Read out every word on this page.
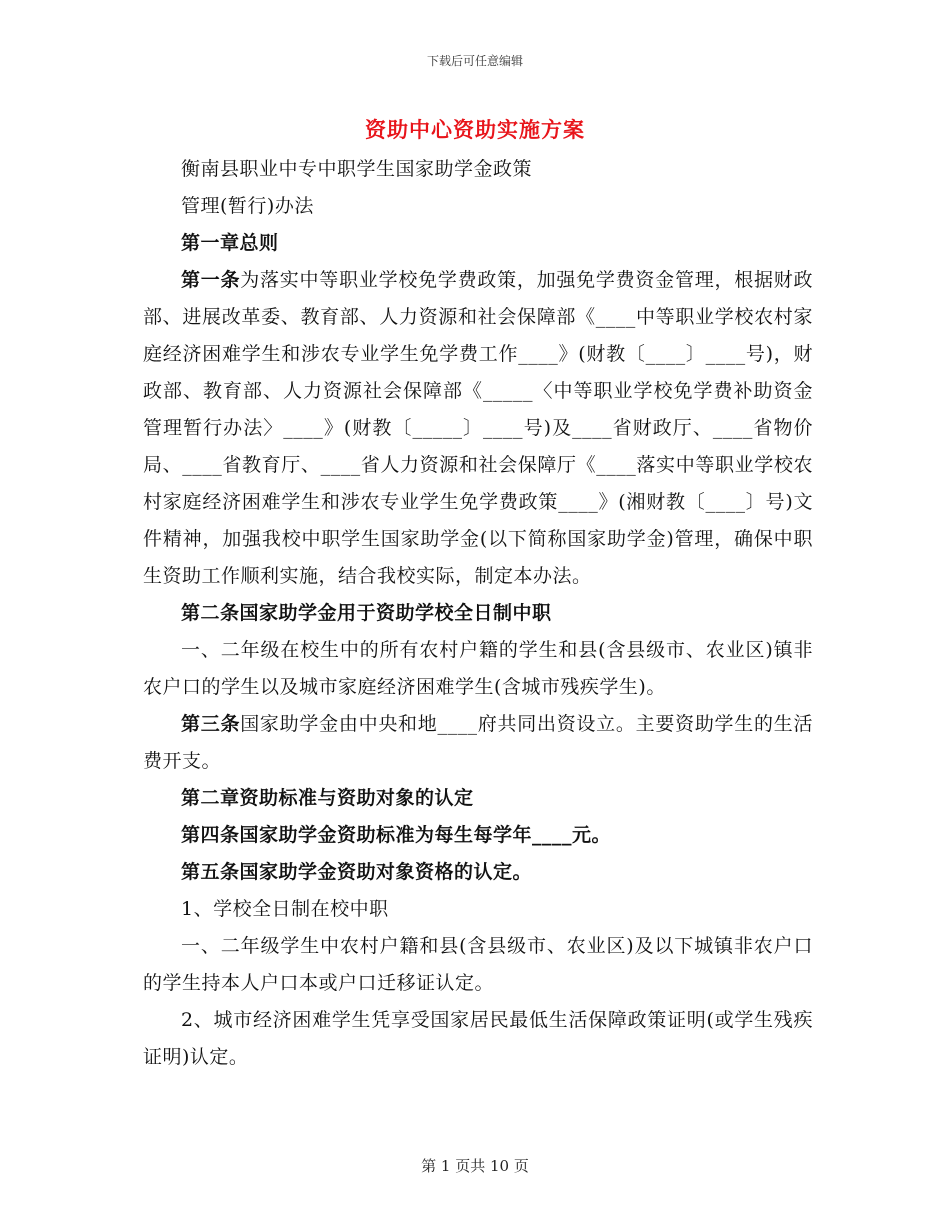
下载后可任意编辑
资助中心资助实施方案

衡南县职业中专中职学生国家助学金政策

管理(暂行)办法

第一章总则

第一条为落实中等职业学校免学费政策，加强免学费资金管理，根据财政部、进展改革委、教育部、人力资源和社会保障部《____中等职业学校农村家庭经济困难学生和涉农专业学生免学费工作____》(财教〔____〕____号)，财政部、教育部、人力资源社会保障部《_____〈中等职业学校免学费补助资金管理暂行办法〉____》(财教〔_____〕____号)及____省财政厅、____省物价局、____省教育厅、____省人力资源和社会保障厅《____落实中等职业学校农村家庭经济困难学生和涉农专业学生免学费政策____》(湘财教〔____〕号)文件精神，加强我校中职学生国家助学金(以下简称国家助学金)管理，确保中职生资助工作顺利实施，结合我校实际，制定本办法。

第二条国家助学金用于资助学校全日制中职

一、二年级在校生中的所有农村户籍的学生和县(含县级市、农业区)镇非农户口的学生以及城市家庭经济困难学生(含城市残疾学生)。

第三条国家助学金由中央和地____府共同出资设立。主要资助学生的生活费开支。

第二章资助标准与资助对象的认定

第四条国家助学金资助标准为每生每学年____元。

第五条国家助学金资助对象资格的认定。

1、学校全日制在校中职

一、二年级学生中农村户籍和县(含县级市、农业区)及以下城镇非农户口的学生持本人户口本或户口迁移证认定。

2、城市经济困难学生凭享受国家居民最低生活保障政策证明(或学生残疾证明)认定。

第 1 页共 10 页
